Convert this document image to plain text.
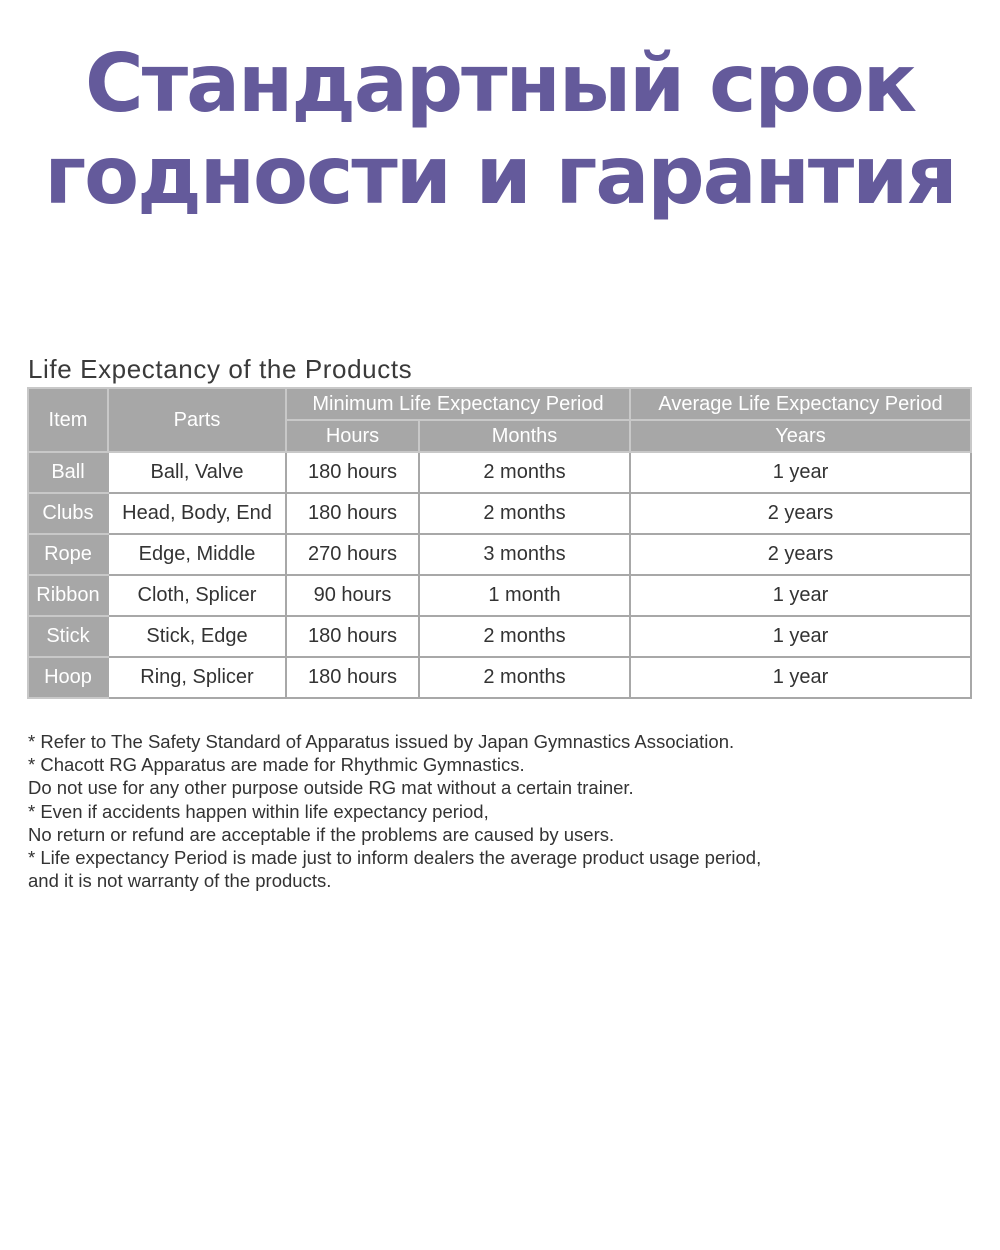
Стандартный срок
годности и гарантия
Life Expectancy of the Products
Item	Parts	Minimum Life Expectancy Period		Average Life Expectancy Period
		Hours	Months	Years
Ball	Ball, Valve	180 hours	2 months	1 year
Clubs	Head, Body, End	180 hours	2 months	2 years
Rope	Edge, Middle	270 hours	3 months	2 years
Ribbon	Cloth, Splicer	90 hours	1 month	1 year
Stick	Stick, Edge	180 hours	2 months	1 year
Hoop	Ring, Splicer	180 hours	2 months	1 year
* Refer to The Safety Standard of Apparatus issued by Japan Gymnastics Association.
* Chacott RG Apparatus are made for Rhythmic Gymnastics.
Do not use for any other purpose outside RG mat without a certain trainer.
* Even if accidents happen within life expectancy period,
No return or refund are acceptable if the problems are caused by users.
* Life expectancy Period is made just to inform dealers the average product usage period,
and it is not warranty of the products.
